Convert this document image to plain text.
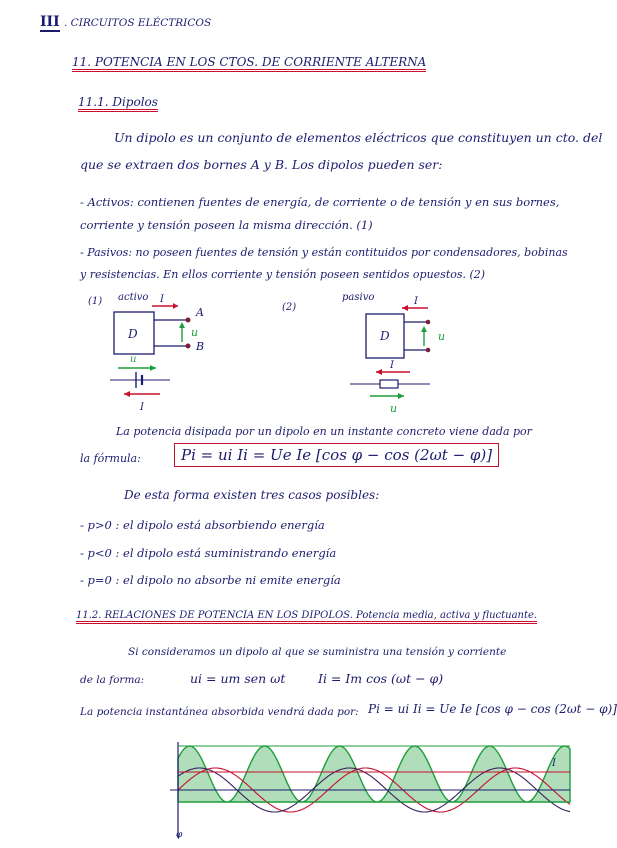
III . CIRCUITOS ELÉCTRICOS
11. POTENCIA EN LOS CTOS. DE CORRIENTE ALTERNA
11.1. Dipolos
Un dipolo es un conjunto de elementos eléctricos que constituyen un cto. del
que se extraen dos bornes A y B. Los dipolos pueden ser:
- Activos: contienen fuentes de energía, de corriente o de tensión y en sus bornes,
corriente y tensión poseen la misma dirección. (1)
- Pasivos: no poseen fuentes de tensión y están contituidos por condensadores, bobinas
y resistencias. En ellos corriente y tensión poseen sentidos opuestos. (2)
(1) activo
(2)
pasivo
D
A
B
I
u
u
I
D
I
u
I
u
La potencia disipada por un dipolo en un instante concreto viene dada por
la fórmula:	Pi = ui Ii = Ue Ie [cos φ − cos (2ωt − φ)]
De esta forma existen tres casos posibles:
- p>0 : el dipolo está absorbiendo energía
- p<0 : el dipolo está suministrando energía
- p=0 : el dipolo no absorbe ni emite energía
11.2. RELACIONES DE POTENCIA EN LOS DIPOLOS. Potencia media, activa y fluctuante.
Si consideramos un dipolo al que se suministra una tensión y corriente
de la forma:	ui = um sen ωt	Ii = Im cos (ωt − φ)
La potencia instantánea absorbida vendrá dada por: Pi = ui Ii = Ue Ie [cos φ − cos (2ωt − φ)]
I
φ
